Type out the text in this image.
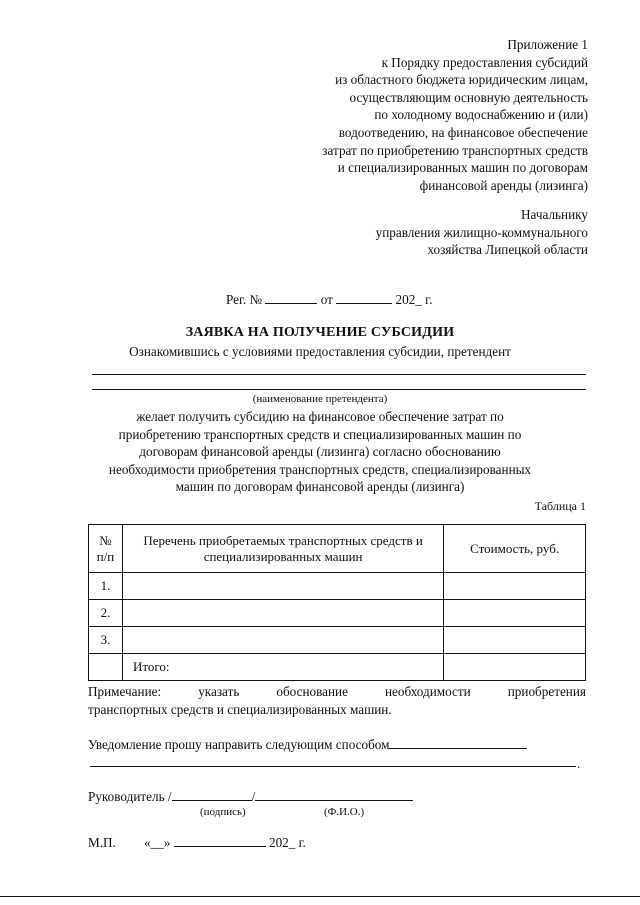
Приложение 1
к Порядку предоставления субсидий
из областного бюджета юридическим лицам,
осуществляющим основную деятельность
по холодному водоснабжению и (или)
водоотведению, на финансовое обеспечение
затрат по приобретению транспортных средств
и специализированных машин по договорам
финансовой аренды (лизинга)
Начальнику
управления жилищно-коммунального
хозяйства Липецкой области
Рег. №	от	202_ г.
ЗАЯВКА НА ПОЛУЧЕНИЕ СУБСИДИИ
Ознакомившись с условиями предоставления субсидии, претендент
(наименование претендента)
желает получить субсидию на финансовое обеспечение затрат по
приобретению транспортных средств и специализированных машин по
договорам финансовой аренды (лизинга) согласно обоснованию
необходимости приобретения транспортных средств, специализированных
машин по договорам финансовой аренды (лизинга)
Таблица 1
№ п/п	Перечень приобретаемых транспортных средств и специализированных машин	Стоимость, руб.
1.		
2.		
3.		
	Итого:	
Примечание:	указать	обоснование	необходимости	приобретения
транспортных средств и специализированных машин.
Уведомление прошу направить следующим способом
.
Руководитель /	/
(подпись)	(Ф.И.О.)
М.П. «__»	202_ г.
